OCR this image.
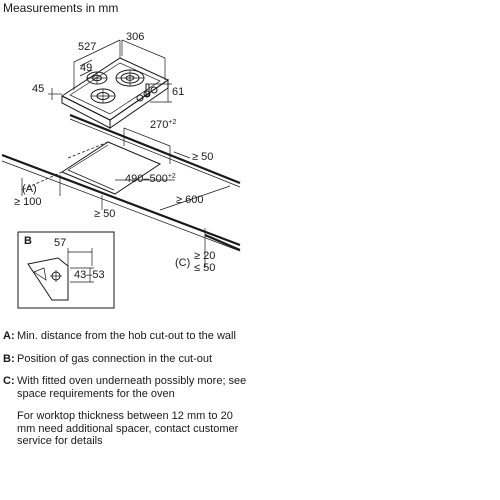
Measurements in mm
527
306
49
45	61
$270^{+2}$
≥ 50
$490-500^{+2}$
(A)
≥ 100
≥ 50
≥ 600
(C)
≥ 20
≤ 50
B 57
43–53
A: Min. distance from the hob cut-out to the wall
B: Position of gas connection in the cut-out
C: With fitted oven underneath possibly more; see space requirements for the oven
For worktop thickness between 12 mm to 20 mm need additional spacer, contact customer service for details
